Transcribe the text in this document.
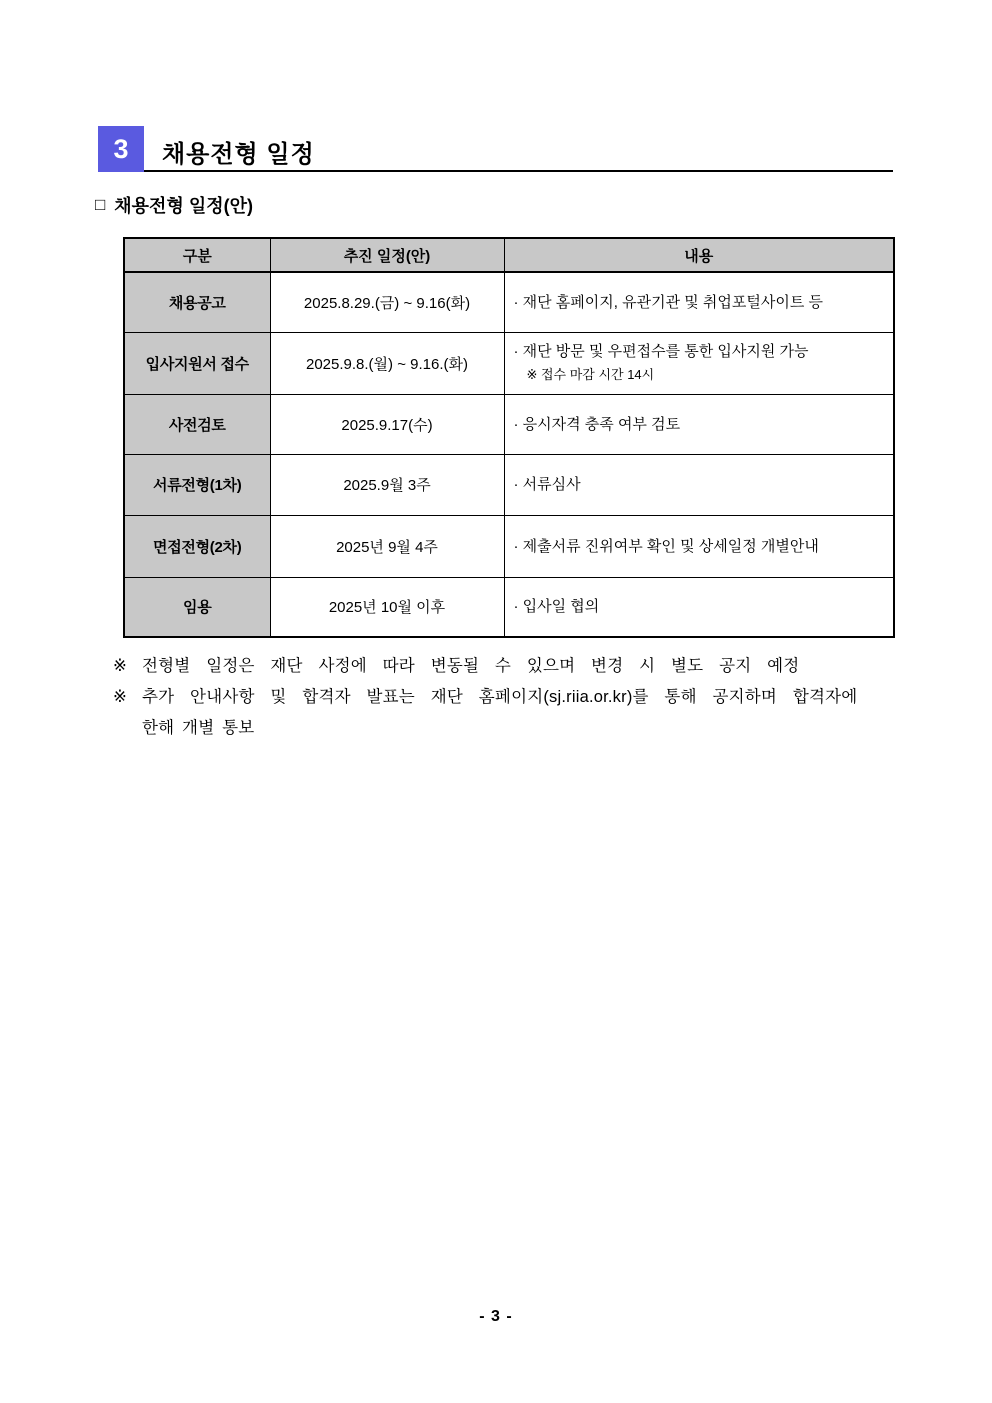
3	채용전형 일정
□ 채용전형 일정(안)
구분	추진 일정(안)	내용
채용공고	2025.8.29.(금) ~ 9.16(화)	· 재단 홈페이지, 유관기관 및 취업포털사이트 등

입사지원서 접수	2025.9.8.(월) ~ 9.16.(화)	· 재단 방문 및 우편접수를 통한 입사지원 가능
※ 접수 마감 시간 14시

사전검토	2025.9.17(수)	· 응시자격 충족 여부 검토

서류전형(1차)	2025.9월 3주	· 서류심사

면접전형(2차)	2025년 9월 4주	· 제출서류 진위여부 확인 및 상세일정 개별안내

임용	2025년 10월 이후	· 입사일 협의
※ 전형별 일정은 재단 사정에 따라 변동될 수 있으며 변경 시 별도 공지 예정
※ 추가 안내사항 및 합격자 발표는 재단 홈페이지(sj.riia.or.kr)를 통해 공지하며 합격자에
한해 개별 통보
- 3 -
